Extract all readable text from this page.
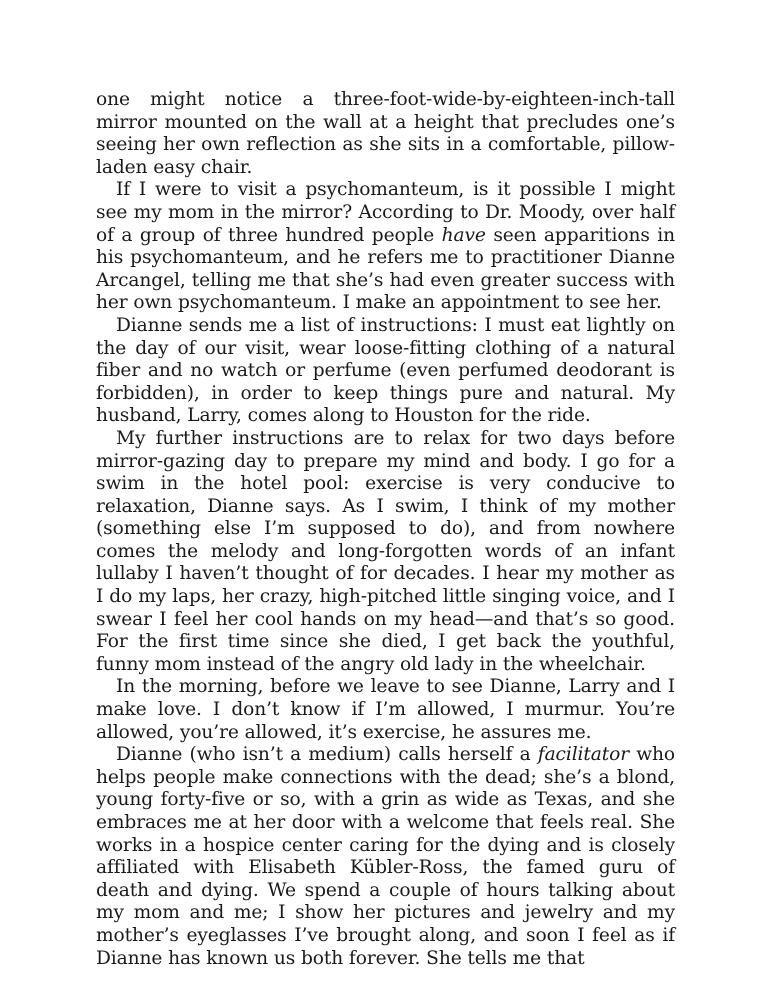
one might notice a three-foot-wide-by-eighteen-inch-tall mirror mounted on the wall at a height that precludes one’s seeing her own reflection as she sits in a comfortable, pillow-laden easy chair.

If I were to visit a psychomanteum, is it possible I might see my mom in the mirror? According to Dr. Moody, over half of a group of three hundred people have seen apparitions in his psychomanteum, and he refers me to practitioner Dianne Arcangel, telling me that she’s had even greater success with her own psychomanteum. I make an appointment to see her.

Dianne sends me a list of instructions: I must eat lightly on the day of our visit, wear loose-fitting clothing of a natural fiber and no watch or perfume (even perfumed deodorant is forbidden), in order to keep things pure and natural. My husband, Larry, comes along to Houston for the ride.

My further instructions are to relax for two days before mirror-gazing day to prepare my mind and body. I go for a swim in the hotel pool: exercise is very conducive to relaxation, Dianne says. As I swim, I think of my mother (something else I’m supposed to do), and from nowhere comes the melody and long-forgotten words of an infant lullaby I haven’t thought of for decades. I hear my mother as I do my laps, her crazy, high-pitched little singing voice, and I swear I feel her cool hands on my head—and that’s so good. For the first time since she died, I get back the youthful, funny mom instead of the angry old lady in the wheelchair.

In the morning, before we leave to see Dianne, Larry and I make love. I don’t know if I’m allowed, I murmur. You’re allowed, you’re allowed, it’s exercise, he assures me.

Dianne (who isn’t a medium) calls herself a facilitator who helps people make connections with the dead; she’s a blond, young forty-five or so, with a grin as wide as Texas, and she embraces me at her door with a welcome that feels real. She works in a hospice center caring for the dying and is closely affiliated with Elisabeth Kübler-Ross, the famed guru of death and dying. We spend a couple of hours talking about my mom and me; I show her pictures and jewelry and my mother’s eyeglasses I’ve brought along, and soon I feel as if Dianne has known us both forever. She tells me that
